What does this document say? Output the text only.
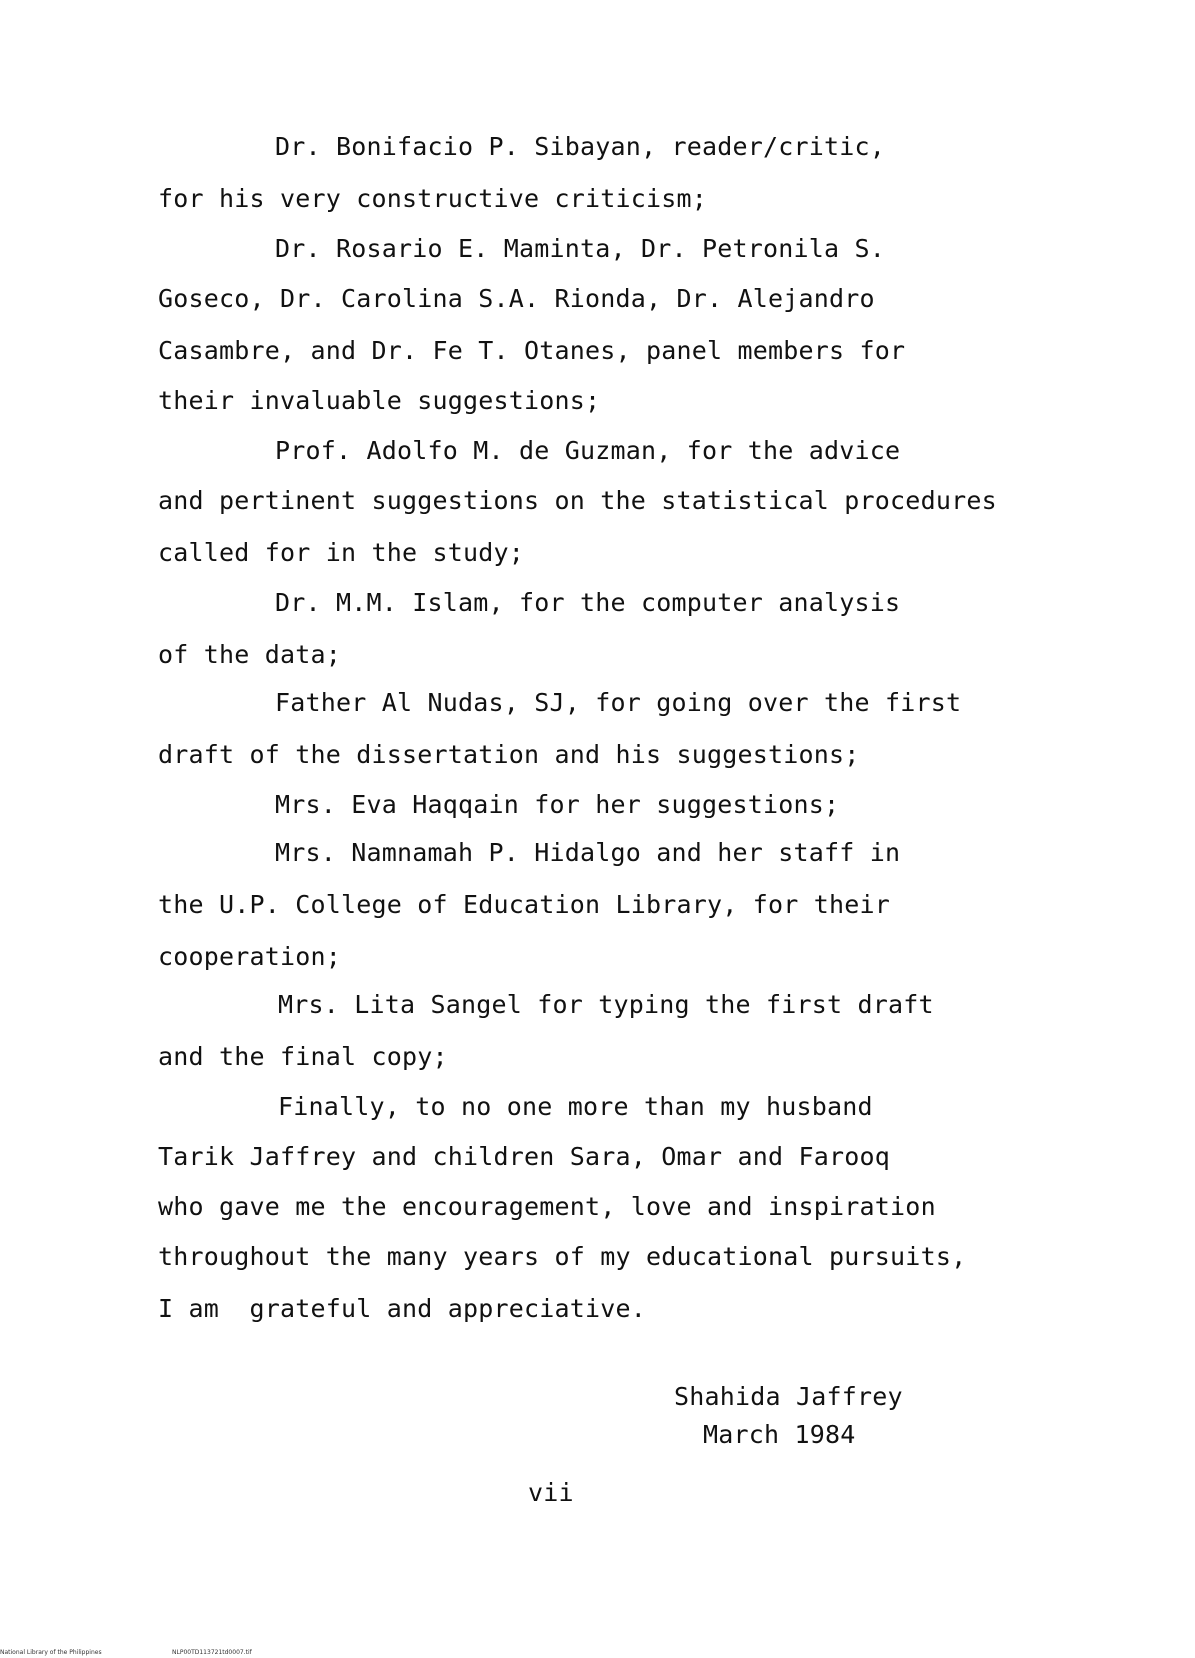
Dr. Bonifacio P. Sibayan, reader/critic,
for his very constructive criticism;
Dr. Rosario E. Maminta, Dr. Petronila S.
Goseco, Dr. Carolina S.A. Rionda, Dr. Alejandro
Casambre, and Dr. Fe T. Otanes, panel members for
their invaluable suggestions;
Prof. Adolfo M. de Guzman, for the advice
and pertinent suggestions on the statistical procedures
called for in the study;
Dr. M.M. Islam, for the computer analysis
of the data;
Father Al Nudas, SJ, for going over the first
draft of the dissertation and his suggestions;
Mrs. Eva Haqqain for her suggestions;
Mrs. Namnamah P. Hidalgo and her staff in
the U.P. College of Education Library, for their
cooperation;
Mrs. Lita Sangel for typing the first draft
and the final copy;
Finally, to no one more than my husband
Tarik Jaffrey and children Sara, Omar and Farooq
who gave me the encouragement, love and inspiration
throughout the many years of my educational pursuits,
I am  grateful and appreciative.
Shahida Jaffrey
March 1984
vii
National Library of the Philippines	NLP00TD113721td0007.tif
